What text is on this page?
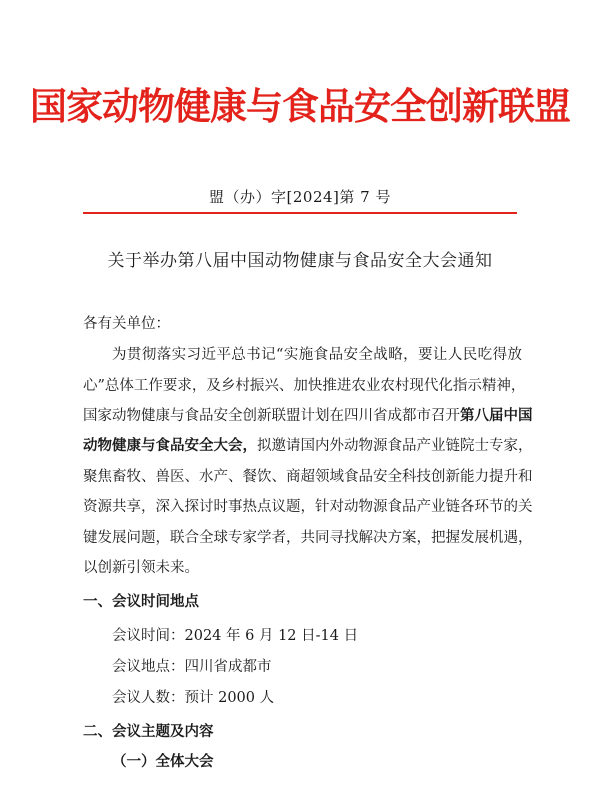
国家动物健康与食品安全创新联盟
盟（办）字[2024]第 7 号
关于举办第八届中国动物健康与食品安全大会通知
各有关单位：
为贯彻落实习近平总书记“实施食品安全战略，要让人民吃得放
心”总体工作要求，及乡村振兴、加快推进农业农村现代化指示精神，
国家动物健康与食品安全创新联盟计划在四川省成都市召开第八届中国
动物健康与食品安全大会，拟邀请国内外动物源食品产业链院士专家，
聚焦畜牧、兽医、水产、餐饮、商超领域食品安全科技创新能力提升和
资源共享，深入探讨时事热点议题，针对动物源食品产业链各环节的关
键发展问题，联合全球专家学者，共同寻找解决方案，把握发展机遇，
以创新引领未来。
一、会议时间地点
会议时间：2024 年 6 月 12 日-14 日
会议地点：四川省成都市
会议人数：预计 2000 人
二、会议主题及内容
（一）全体大会
